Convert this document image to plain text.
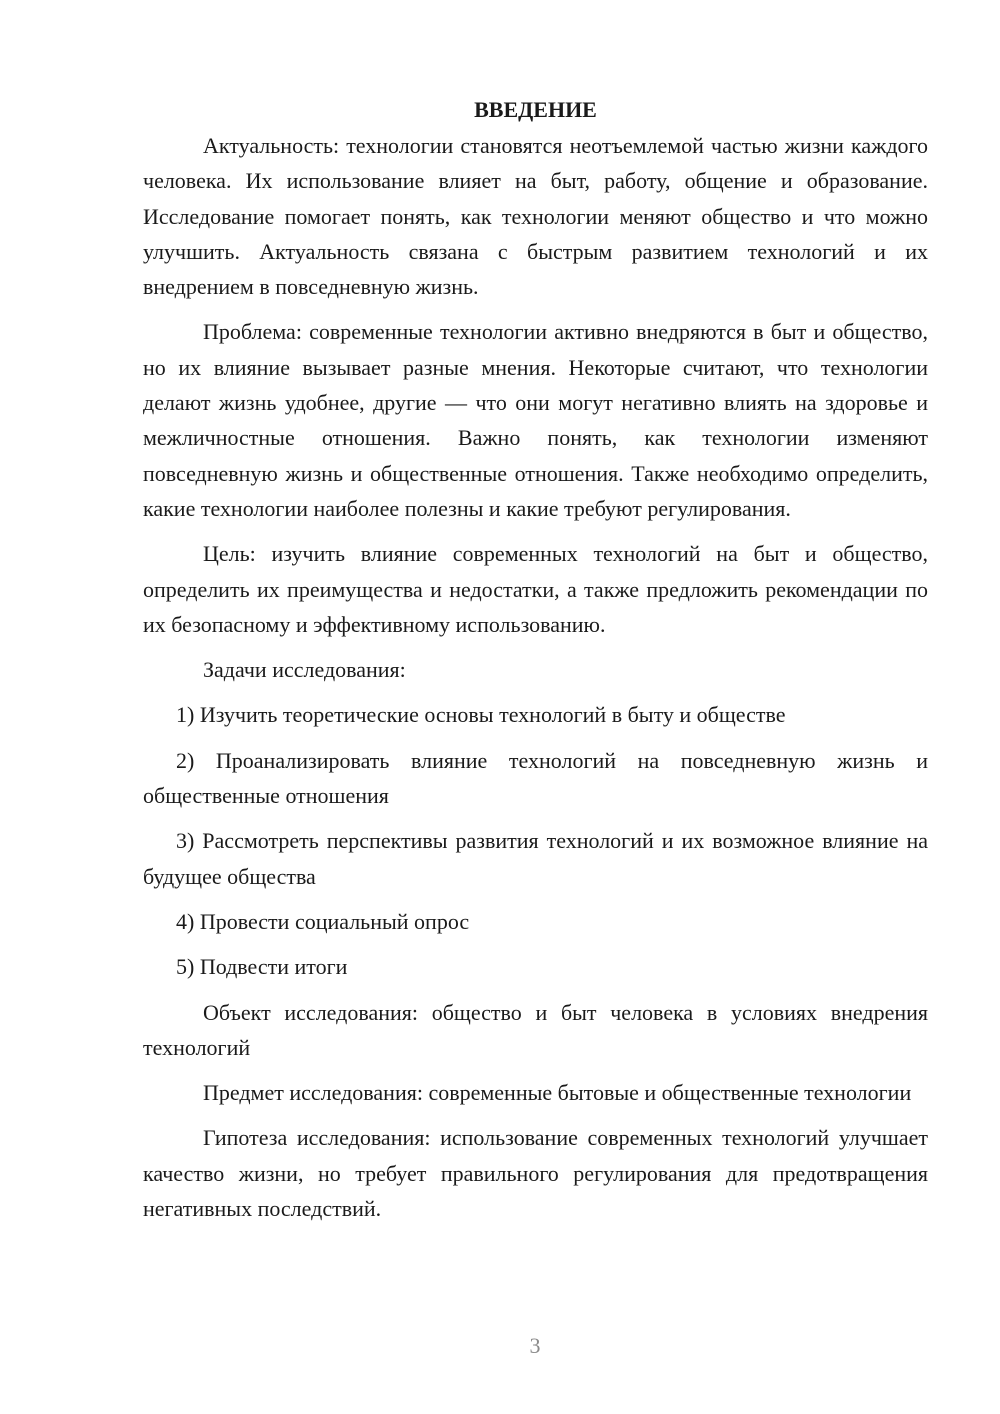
ВВЕДЕНИЕ

Актуальность: технологии становятся неотъемлемой частью жизни каждого человека. Их использование влияет на быт, работу, общение и образование. Исследование помогает понять, как технологии меняют общество и что можно улучшить. Актуальность связана с быстрым развитием технологий и их внедрением в повседневную жизнь.

Проблема: современные технологии активно внедряются в быт и общество, но их влияние вызывает разные мнения. Некоторые считают, что технологии делают жизнь удобнее, другие — что они могут негативно влиять на здоровье и межличностные отношения. Важно понять, как технологии изменяют повседневную жизнь и общественные отношения. Также необходимо определить, какие технологии наиболее полезны и какие требуют регулирования.

Цель: изучить влияние современных технологий на быт и общество, определить их преимущества и недостатки, а также предложить рекомендации по их безопасному и эффективному использованию.

Задачи исследования:

1) Изучить теоретические основы технологий в быту и обществе

2) Проанализировать влияние технологий на повседневную жизнь и общественные отношения

3) Рассмотреть перспективы развития технологий и их возможное влияние на будущее общества

4) Провести социальный опрос

5) Подвести итоги

Объект исследования: общество и быт человека в условиях внедрения технологий

Предмет исследования: современные бытовые и общественные технологии

Гипотеза исследования: использование современных технологий улучшает качество жизни, но требует правильного регулирования для предотвращения негативных последствий.

3
